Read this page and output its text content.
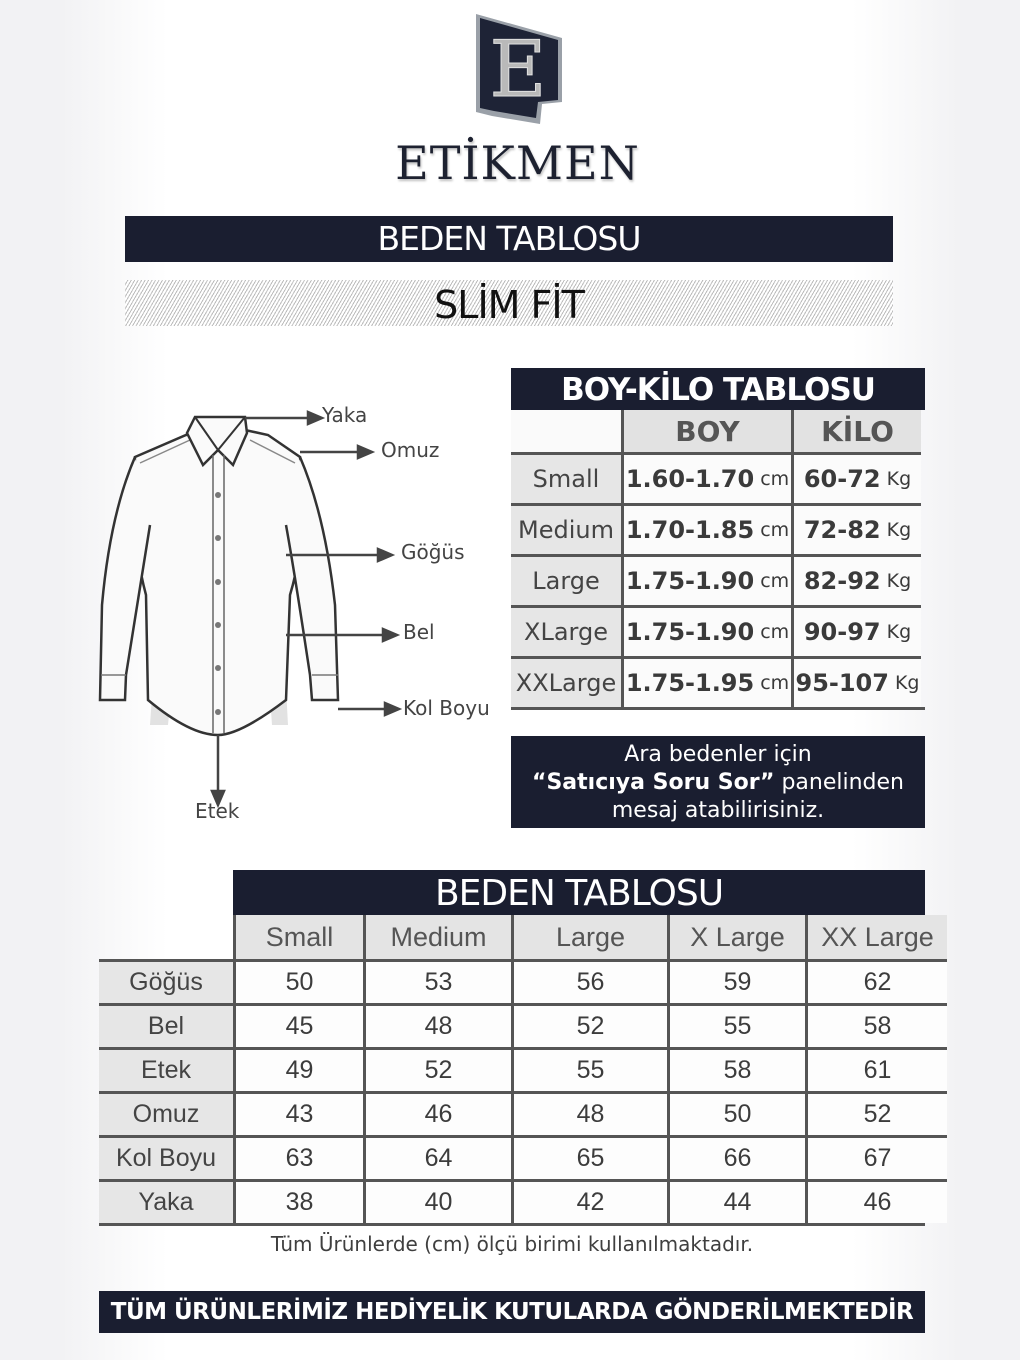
E
ETİKMEN
BEDEN TABLOSU
SLİM FİT
Yaka
Omuz
Göğüs
Bel
Kol Boyu
Etek
BOY-KİLO TABLOSU
BOY	KİLO
Small	1.60-1.70 cm 60-72 Kg
Medium 1.70-1.85 cm 72-82 Kg
Large	1.75-1.90 cm 82-92 Kg
XLarge 1.75-1.90 cm 90-97 Kg
XXLarge 1.75-1.95 cm 95-107 Kg
Ara bedenler için
“Satıcıya Soru Sor” panelinden
mesaj atabilirisiniz.
BEDEN TABLOSU
Small	Medium	Large	X Large	XX Large
Göğüs	50	53	56	59	62
Bel	45	48	52	55	58
Etek	49	52	55	58	61
Omuz	43	46	48	50	52
Kol Boyu	63	64	65	66	67
Yaka	38	40	42	44	46
Tüm Ürünlerde (cm) ölçü birimi kullanılmaktadır.
TÜM ÜRÜNLERİMİZ HEDİYELİK KUTULARDA GÖNDERİLMEKTEDİR
